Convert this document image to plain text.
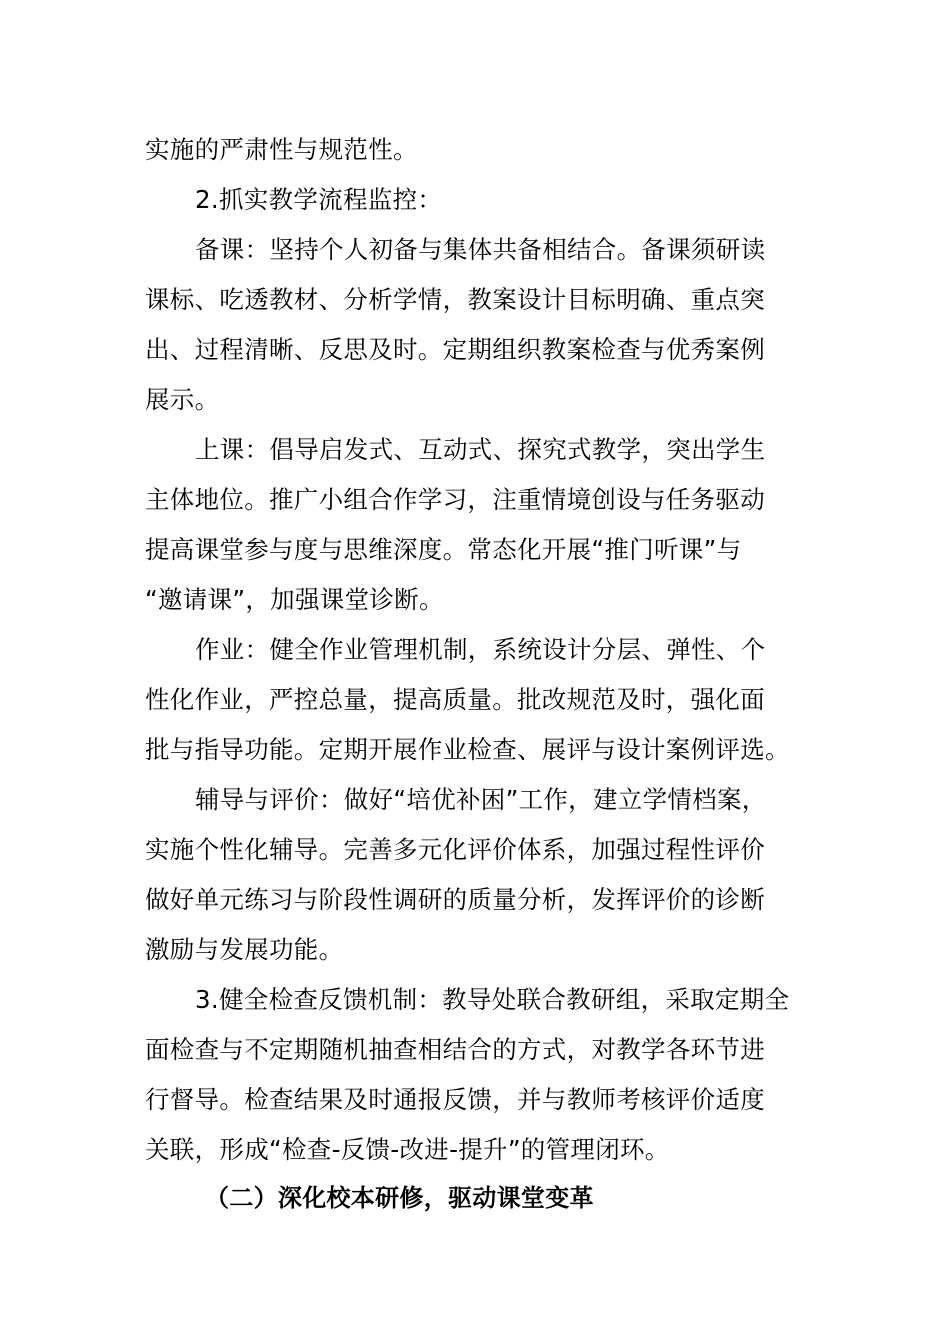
实施的严肃性与规范性。
2.抓实教学流程监控：
备课：坚持个人初备与集体共备相结合。备课须研读
课标、吃透教材、分析学情，教案设计目标明确、重点突
出、过程清晰、反思及时。定期组织教案检查与优秀案例
展示。
上课：倡导启发式、互动式、探究式教学，突出学生
主体地位。推广小组合作学习，注重情境创设与任务驱动
提高课堂参与度与思维深度。常态化开展“推门听课”与
“邀请课”，加强课堂诊断。
作业：健全作业管理机制，系统设计分层、弹性、个
性化作业，严控总量，提高质量。批改规范及时，强化面
批与指导功能。定期开展作业检查、展评与设计案例评选。
辅导与评价：做好“培优补困”工作，建立学情档案，
实施个性化辅导。完善多元化评价体系，加强过程性评价
做好单元练习与阶段性调研的质量分析，发挥评价的诊断
激励与发展功能。
3.健全检查反馈机制：教导处联合教研组，采取定期全
面检查与不定期随机抽查相结合的方式，对教学各环节进
行督导。检查结果及时通报反馈，并与教师考核评价适度
关联，形成“检查-反馈-改进-提升”的管理闭环。
（二）深化校本研修，驱动课堂变革
